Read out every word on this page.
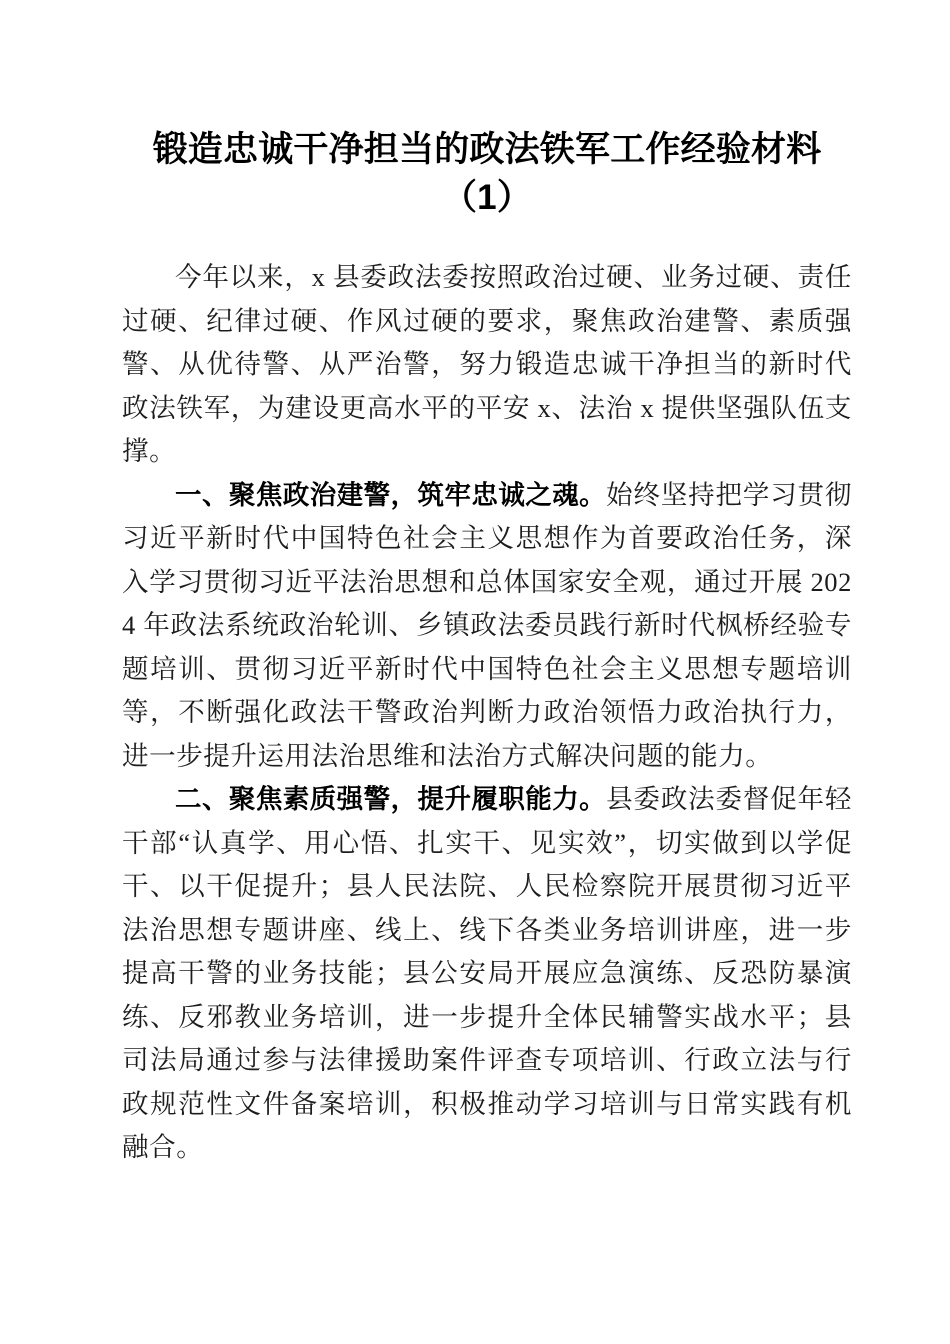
锻造忠诚干净担当的政法铁军工作经验材料
（1）

今年以来，x 县委政法委按照政治过硬、业务过硬、责任过硬、纪律过硬、作风过硬的要求，聚焦政治建警、素质强警、从优待警、从严治警，努力锻造忠诚干净担当的新时代政法铁军，为建设更高水平的平安 x、法治 x 提供坚强队伍支撑。

一、聚焦政治建警，筑牢忠诚之魂。始终坚持把学习贯彻习近平新时代中国特色社会主义思想作为首要政治任务，深入学习贯彻习近平法治思想和总体国家安全观，通过开展 2024 年政法系统政治轮训、乡镇政法委员践行新时代枫桥经验专题培训、贯彻习近平新时代中国特色社会主义思想专题培训等，不断强化政法干警政治判断力政治领悟力政治执行力，进一步提升运用法治思维和法治方式解决问题的能力。

二、聚焦素质强警，提升履职能力。县委政法委督促年轻干部“认真学、用心悟、扎实干、见实效”，切实做到以学促干、以干促提升；县人民法院、人民检察院开展贯彻习近平法治思想专题讲座、线上、线下各类业务培训讲座，进一步提高干警的业务技能；县公安局开展应急演练、反恐防暴演练、反邪教业务培训，进一步提升全体民辅警实战水平；县司法局通过参与法律援助案件评查专项培训、行政立法与行政规范性文件备案培训，积极推动学习培训与日常实践有机融合。
